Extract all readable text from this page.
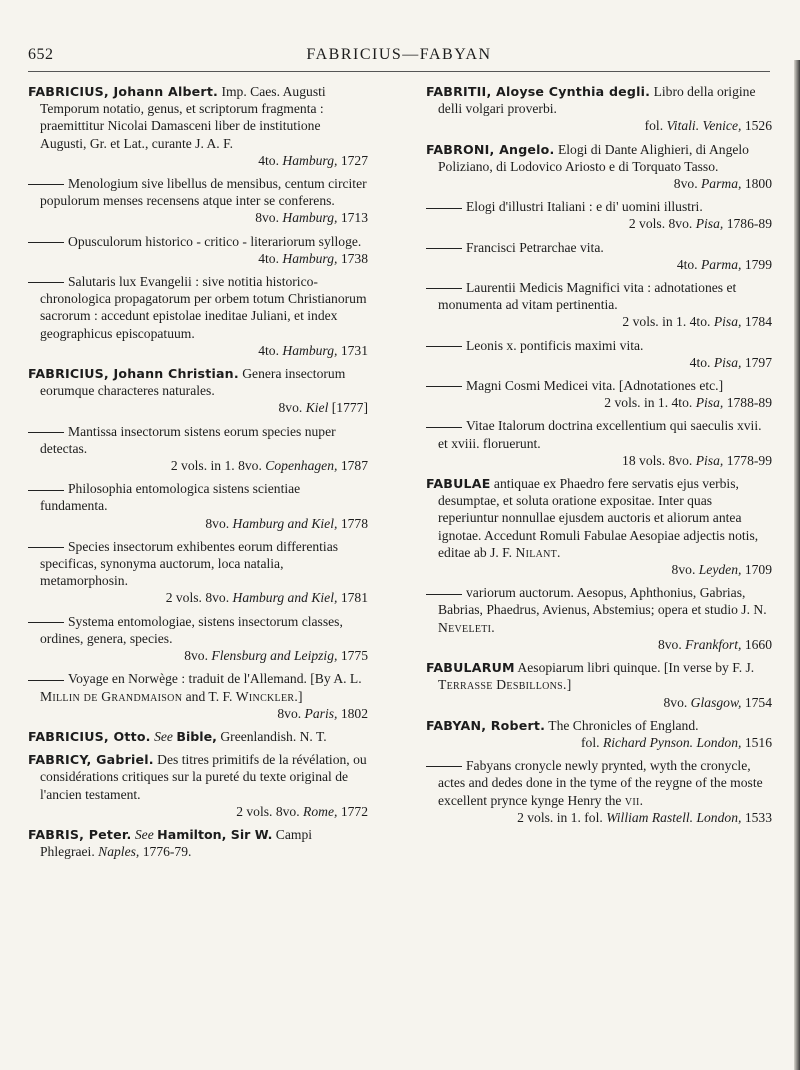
652	FABRICIUS—FABYAN

FABRICIUS, Johann Albert. Imp. Caes. Augusti Temporum notatio, genus, et scriptorum fragmenta : praemittitur Nicolai Damasceni liber de institutione Augusti, Gr. et Lat., curante J. A. F.

4to. Hamburg, 1727

Menologium sive libellus de mensibus, centum circiter populorum menses recensens atque inter se conferens.

8vo. Hamburg, 1713

Opusculorum historico - critico - literariorum sylloge.

4to. Hamburg, 1738

Salutaris lux Evangelii : sive notitia historico-chronologica propagatorum per orbem totum Christianorum sacrorum : accedunt epistolae ineditae Juliani, et index geographicus episcopatuum.

4to. Hamburg, 1731

FABRICIUS, Johann Christian. Genera insectorum eorumque characteres naturales.

8vo. Kiel [1777]

Mantissa insectorum sistens eorum species nuper detectas.

2 vols. in 1. 8vo. Copenhagen, 1787

Philosophia entomologica sistens scientiae fundamenta.

8vo. Hamburg and Kiel, 1778

Species insectorum exhibentes eorum differentias specificas, synonyma auctorum, loca natalia, metamorphosin.

2 vols. 8vo. Hamburg and Kiel, 1781

Systema entomologiae, sistens insectorum classes, ordines, genera, species.

8vo. Flensburg and Leipzig, 1775

Voyage en Norwège : traduit de l'Allemand. [By A. L. Millin de Grandmaison and T. F. Winckler.]

8vo. Paris, 1802

FABRICIUS, Otto. See Bible, Greenlandish. N. T.

FABRICY, Gabriel. Des titres primitifs de la révélation, ou considérations critiques sur la pureté du texte original de l'ancien testament.

2 vols. 8vo. Rome, 1772

FABRIS, Peter. See Hamilton, Sir W. Campi Phlegraei. Naples, 1776-79.

FABRITII, Aloyse Cynthia degli. Libro della origine delli volgari proverbi.

fol. Vitali. Venice, 1526

FABRONI, Angelo. Elogi di Dante Alighieri, di Angelo Poliziano, di Lodovico Ariosto e di Torquato Tasso.

8vo. Parma, 1800

Elogi d'illustri Italiani : e di' uomini illustri.

2 vols. 8vo. Pisa, 1786-89

Francisci Petrarchae vita.

4to. Parma, 1799

Laurentii Medicis Magnifici vita : adnotationes et monumenta ad vitam pertinentia.

2 vols. in 1. 4to. Pisa, 1784

Leonis x. pontificis maximi vita.

4to. Pisa, 1797

Magni Cosmi Medicei vita. [Adnotationes etc.]

2 vols. in 1. 4to. Pisa, 1788-89

Vitae Italorum doctrina excellentium qui saeculis xvii. et xviii. floruerunt.

18 vols. 8vo. Pisa, 1778-99

FABULAE antiquae ex Phaedro fere servatis ejus verbis, desumptae, et soluta oratione expositae. Inter quas reperiuntur nonnullae ejusdem auctoris et aliorum antea ignotae. Accedunt Romuli Fabulae Aesopiae adjectis notis, editae ab J. F. Nilant.

8vo. Leyden, 1709

variorum auctorum. Aesopus, Aphthonius, Gabrias, Babrias, Phaedrus, Avienus, Abstemius; opera et studio J. N. Neveleti.

8vo. Frankfort, 1660

FABULARUM Aesopiarum libri quinque. [In verse by F. J. Terrasse Desbillons.]

8vo. Glasgow, 1754

FABYAN, Robert. The Chronicles of England.

fol. Richard Pynson. London, 1516

Fabyans cronycle newly prynted, wyth the cronycle, actes and dedes done in the tyme of the reygne of the moste excellent prynce kynge Henry the vii.

2 vols. in 1. fol. William Rastell. London, 1533
